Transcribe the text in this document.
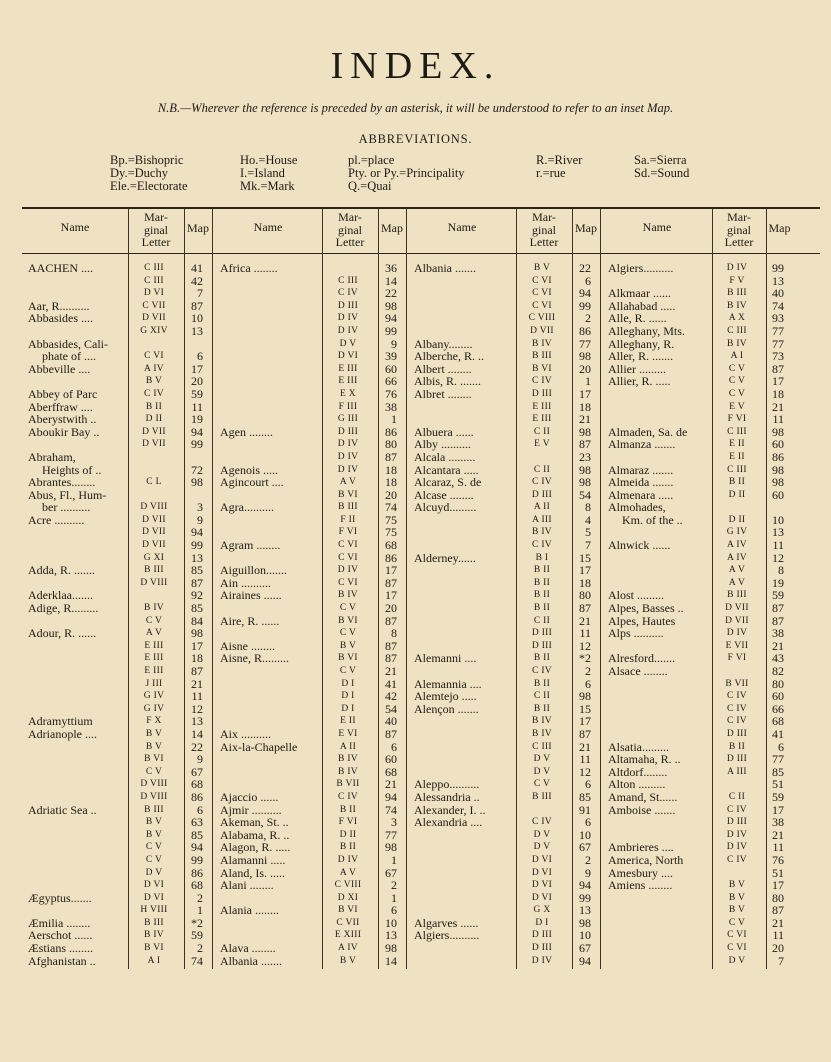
INDEX.
N.B.—Wherever the reference is preceded by an asterisk, it will be understood to refer to an inset Map.
ABBREVIATIONS.
Bp.=Bishopric
Dy.=Duchy
Ele.=Electorate
Ho.=House
I.=Island
Mk.=Mark
pl.=place
Pty. or Py.=Principality
Q.=Quai
R.=River
r.=rue
Sa.=Sierra
Sd.=Sound
Name
Mar-
ginal
Letter
Map
AACHEN ....	C III	41
C III	42
D VI	7
Aar, R..........	C VII	87
Abbasides ....	D VII	10
G XIV	13
Abbasides, Cali-
phate of ....	C VI	6
Abbeville ....	A IV	17
B V	20
Abbey of Parc	C IV	59
Aberffraw ....	B II	11
Aberystwith ..	D II	19
Aboukir Bay ..	D VII	94
D VII	99
Abraham,
Heights of ..	72
Abrantes........	C L	98
Abus, Fl., Hum-
ber ..........	D VIII	3
Acre ..........	D VII	9
D VII	94
D VII	99
G XI	13
Adda, R. .......	B III	85
D VIII	87
Aderklaa.......	92
Adige, R.........	B IV	85
C V	84
Adour, R. ......	A V	98
E III	17
E III	18
E III	87
J III	21
G IV	11
G IV	12
Adramyttium	F X	13
Adrianople ....	B V	14
B V	22
B VI	9
C V	67
D VIII	68
D VIII	86
Adriatic Sea ..	B III	6
B V	63
B V	85
C V	94
C V	99
D V	86
D VI	68
Ægyptus.......	D VI	2
H VIII	1
Æmilia ........	B III	*2
Aerschot ......	B IV	59
Æstians ........	B VI	2
Afghanistan ..	A I	74
Name
Mar-
ginal
Letter
Map
Africa ........	36
C III	14
C IV	22
D III	98
D IV	94
D IV	99
D V	9
D VI	39
E III	60
E III	66
E X	76
F III	38
G III	1
Agen ........	D III	86
D IV	80
D IV	87
Agenois .....	D IV	18
Agincourt ....	A V	18
B VI	20
Agra..........	B III	74
F II	75
F VI	75
Agram ........	C VI	68
C VI	86
Aiguillon.......	D IV	17
Ain ..........	C VI	87
Airaines ......	B IV	17
C V	20
Aire, R. ......	B VI	87
C V	8
Aisne ........	B V	87
Aisne, R.........	B VI	87
C V	21
D I	41
D I	42
D I	54
E II	40
Aix ..........	E VI	87
Aix-la-Chapelle	A II	6
B IV	60
B IV	68
B VII	21
Ajaccio ......	C IV	94
Ajmir ..........	B II	74
Akeman, St. ..	F VI	3
Alabama, R. ..	D II	77
Alagon, R. .....	B II	98
Alamanni .....	D IV	1
Aland, Is. .....	A V	67
Alani ........	C VIII	2
D XI	1
Alania ........	B VI	6
C VII	10
E XIII	13
Alava ........	A IV	98
Albania .......	B V	14
Name
Mar-
ginal
Letter
Map
Albania .......	B V	22
C VI	6
C VI	94
C VI	99
C VIII	2
D VII	86
Albany........	B IV	77
Alberche, R. ..	B III	98
Albert ........	B VI	20
Albis, R. .......	C IV	1
Albret ........	D III	17
E III	18
E III	21
Albuera ......	C II	98
Alby ..........	E V	87
Alcala .........	23
Alcantara .....	C II	98
Alcaraz, S. de	C IV	98
Alcase ........	D III	54
Alcuyd.........	A II	8
A III	4
B IV	5
C IV	7
Alderney......	B I	15
B II	17
B II	18
B II	80
B II	87
C II	21
D III	11
D III	12
Alemanni ....	B II	*2
C IV	2
Alemannia ....	B II	6
Alemtejo .....	C II	98
Alençon .......	B II	15
B IV	17
B IV	87
C III	21
D V	11
D V	12
Aleppo..........	C V	6
Alessandria ..	B III	85
Alexander, I. ..	91
Alexandria ....	C IV	6
D V	10
D V	67
D VI	2
D VI	9
D VI	94
D VI	99
G X	13
Algarves ......	D I	98
Algiers..........	D III	10
D III	67
D IV	94
Name
Mar-
ginal
Letter
Map
Algiers..........	D IV	99
F V	13
Alkmaar ......	B III	40
Allahabad .....	B IV	74
Alle, R. ......	A X	93
Alleghany, Mts.	C III	77
Alleghany, R.	B IV	77
Aller, R. .......	A I	73
Allier .........	C V	87
Allier, R. .....	C V	17
C V	18
E V	21
F VI	11
Almaden, Sa. de	C III	98
Almanza .......	E II	60
E II	86
Almaraz .......	C III	98
Almeida .......	B II	98
Almenara .....	D II	60
Almohades,
Km. of the ..	D II	10
G IV	13
Alnwick ......	A IV	11
A IV	12
A V	8
A V	19
Alost .........	B III	59
Alpes, Basses ..	D VII	87
Alpes, Hautes	D VII	87
Alps ..........	D IV	38
E VII	21
Alresford.......	F VI	43
Alsace ........	82
B VII	80
C IV	60
C IV	66
C IV	68
D III	41
Alsatia.........	B II	6
Altamaha, R. ..	D III	77
Altdorf........	A III	85
Alton .........	51
Amand, St......	C II	59
Amboise .......	C IV	17
D III	38
D IV	21
Ambrieres ....	D IV	11
America, North	C IV	76
Amesbury ....	51
Amiens ........	B V	17
B V	80
B V	87
C V	21
C VI	11
C VI	20
D V	7
